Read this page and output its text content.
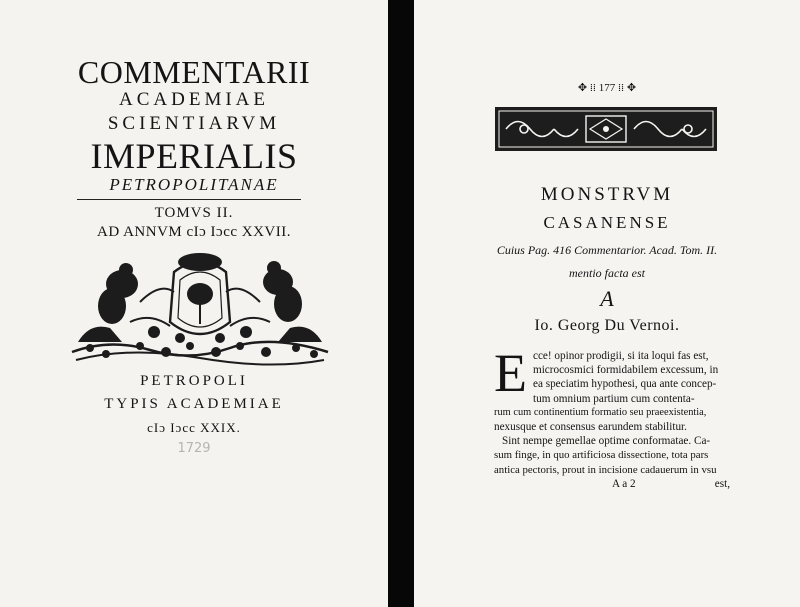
COMMENTARII
ACADEMIAE
SCIENTIARVM
IMPERIALIS
PETROPOLITANAE
TOMVS II.
AD ANNVM cIɔ Iɔcc XXVII.
PETROPOLI
TYPIS ACADEMIAE
cIɔ Iɔcc XXIX.
1729
✥ ⁞⁞ 177 ⁞⁞ ✥
MONSTRVM
CASANENSE
Cuius Pag. 416 Commentarior. Acad. Tom. II.
mentio facta est
A
Io. Georg Du Vernoi.
E cce! opinor prodigii, si ita loqui fas est,
microcosmici formidabilem excessum, in
ea speciatim hypothesi, qua ante concep-
tum omnium partium cum contenta-
rum cum continentium formatio seu praeexistentia,
nexusque et consensus earundem stabilitur.
Sint nempe gemellae optime conformatae. Ca-
sum finge, in quo artificiosa dissectione, tota pars
antica pectoris, prout in incisione cadauerum in vsu
A a 2	est,
